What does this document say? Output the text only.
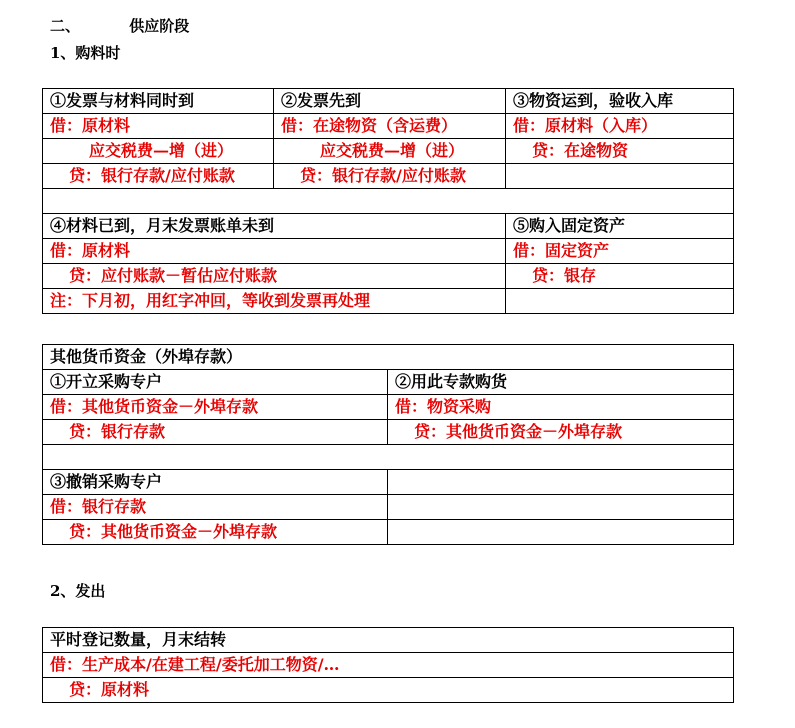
二、	供应阶段
1、购料时
①发票与材料同时到	②发票先到	③物资运到，验收入库
借：原材料	借：在途物资（含运费）	借：原材料（入库）
应交税费—增（进）	应交税费—增（进）	贷：在途物资
贷：银行存款/应付账款	贷：银行存款/应付账款	

④材料已到，月末发票账单未到		⑤购入固定资产
借：原材料		借：固定资产
贷：应付账款－暂估应付账款		贷：银存
注：下月初，用红字冲回，等收到发票再处理		
其他货币资金（外埠存款）	
①开立采购专户	②用此专款购货
借：其他货币资金－外埠存款	借：物资采购
贷：银行存款	贷：其他货币资金－外埠存款

③撤销采购专户	
借：银行存款	
贷：其他货币资金－外埠存款	
2、发出
平时登记数量，月末结转
借：生产成本/在建工程/委托加工物资/…
贷：原材料
